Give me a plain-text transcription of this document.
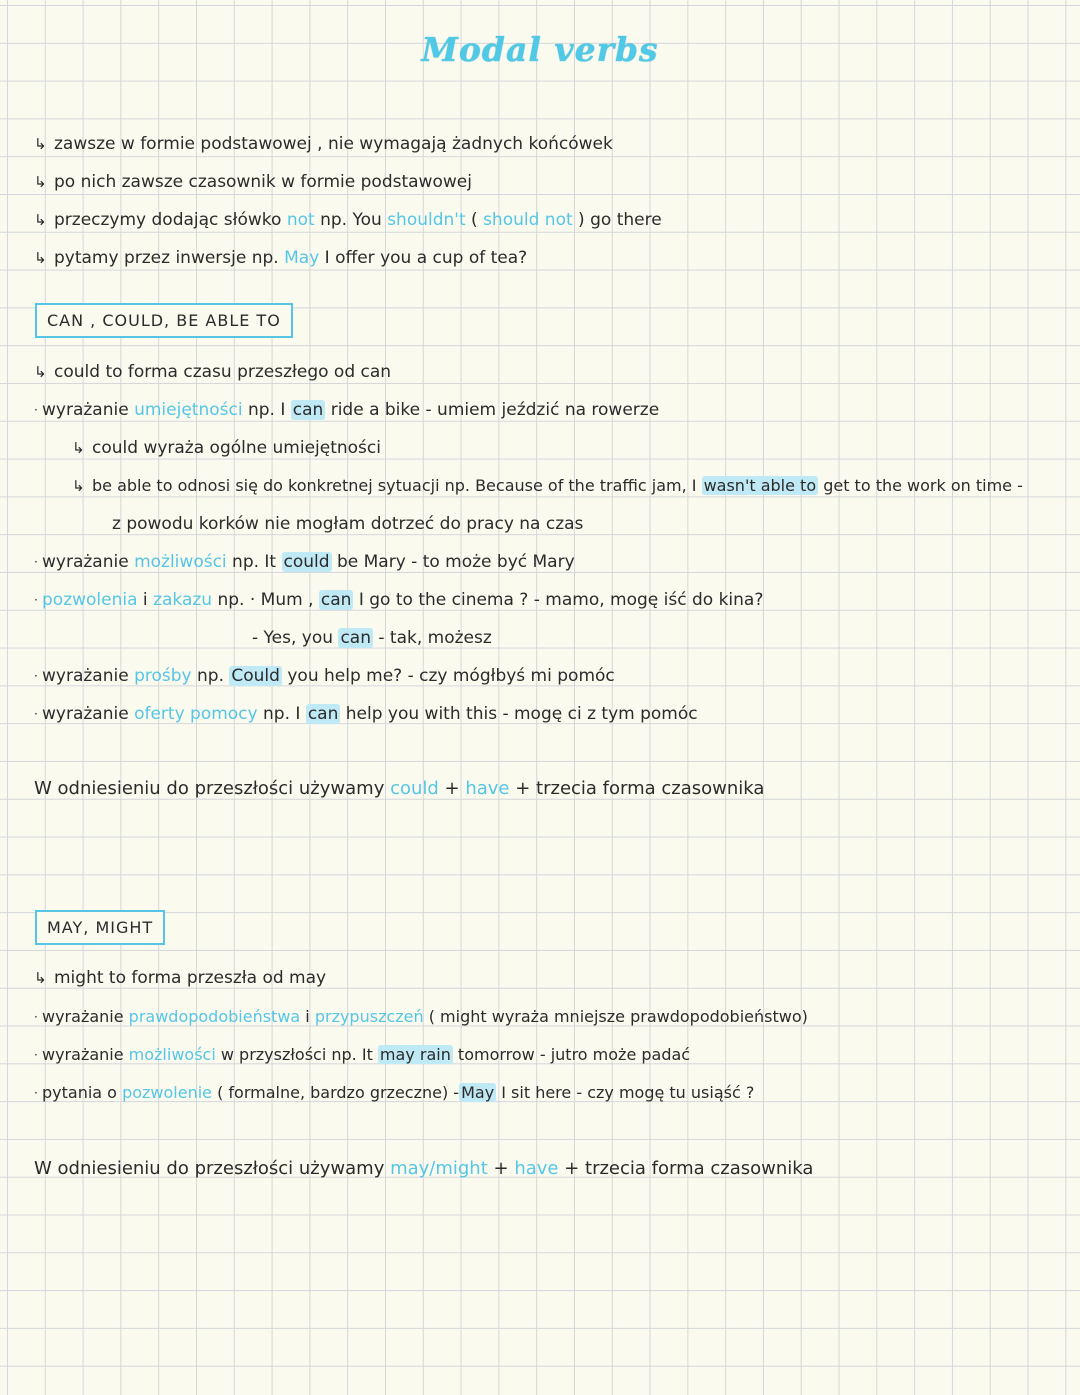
Modal verbs
↳ zawsze w formie podstawowej , nie wymagają żadnych końcówek
↳ po nich zawsze czasownik w formie podstawowej
↳ przeczymy dodając słówko not np. You shouldn't ( should not ) go there
↳ pytamy przez inwersje np. May I offer you a cup of tea?
CAN , COULD, BE ABLE TO
↳ could to forma czasu przeszłego od can
· wyrażanie umiejętności np. I can ride a bike - umiem jeździć na rowerze
↳ could wyraża ogólne umiejętności
↳ be able to odnosi się do konkretnej sytuacji np. Because of the traffic jam, I wasn't able to get to the work on time -
z powodu korków nie mogłam dotrzeć do pracy na czas
· wyrażanie możliwości np. It could be Mary - to może być Mary
· pozwolenia i zakazu np. · Mum , can I go to the cinema ? - mamo, mogę iść do kina?
- Yes, you can - tak, możesz
· wyrażanie prośby np. Could you help me? - czy mógłbyś mi pomóc
· wyrażanie oferty pomocy np. I can help you with this - mogę ci z tym pomóc
W odniesieniu do przeszłości używamy could + have + trzecia forma czasownika
MAY, MIGHT
↳ might to forma przeszła od may
· wyrażanie prawdopodobieństwa i przypuszczeń ( might wyraża mniejsze prawdopodobieństwo)
· wyrażanie możliwości w przyszłości np. It may rain tomorrow - jutro może padać
· pytania o pozwolenie ( formalne, bardzo grzeczne) - May I sit here - czy mogę tu usiąść ?
W odniesieniu do przeszłości używamy may/might + have + trzecia forma czasownika
